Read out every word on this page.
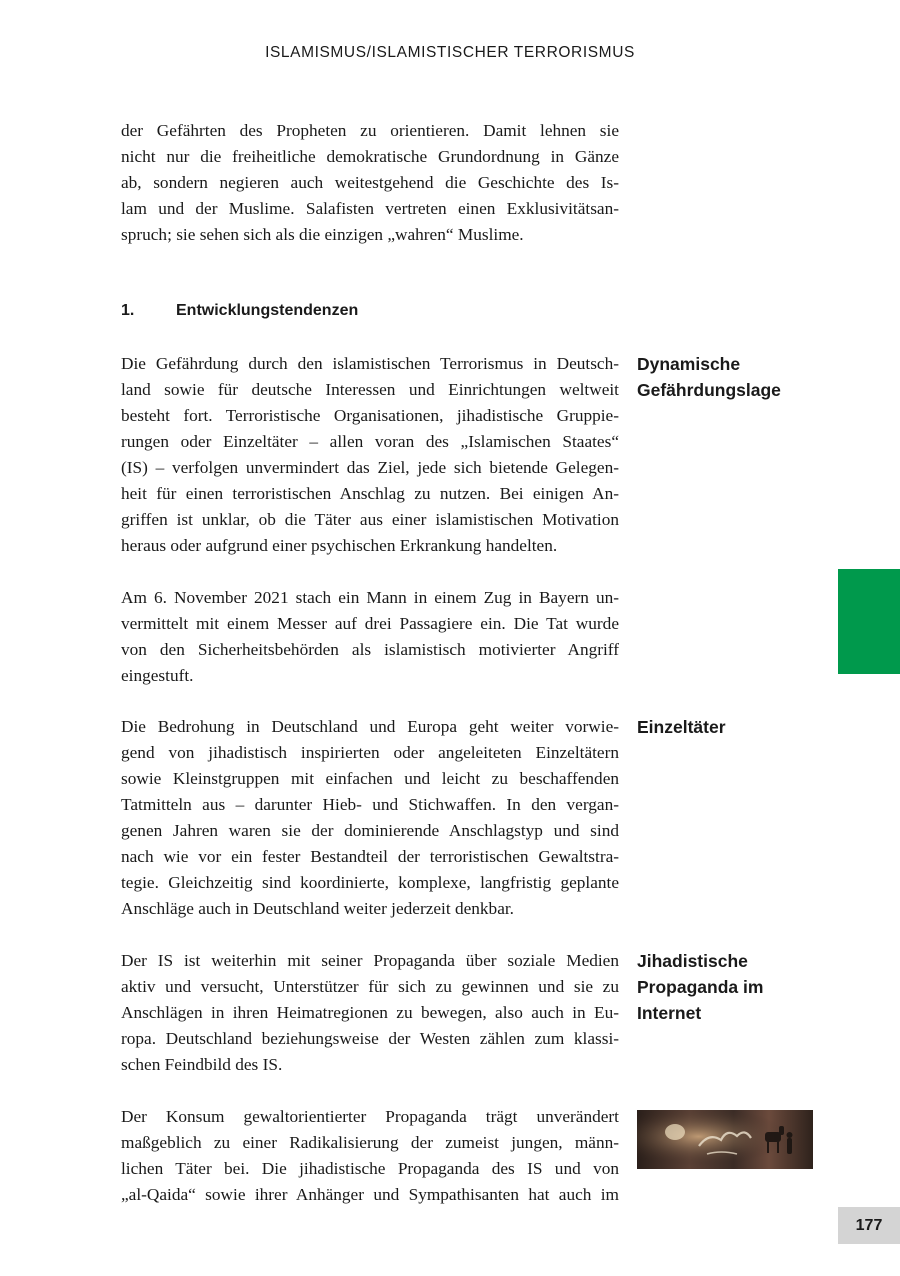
ISLAMISMUS/ISLAMISTISCHER TERRORISMUS

der Gefährten des Propheten zu orientieren. Damit lehnen sie
nicht nur die freiheitliche demokratische Grundordnung in Gänze
ab, sondern negieren auch weitestgehend die Geschichte des Is-
lam und der Muslime. Salafisten vertreten einen Exklusivitätsan-
spruch; sie sehen sich als die einzigen „wahren“ Muslime.

1.	Entwicklungstendenzen

Die Gefährdung durch den islamistischen Terrorismus in Deutsch-
land sowie für deutsche Interessen und Einrichtungen weltweit
besteht fort. Terroristische Organisationen, jihadistische Gruppie-
rungen oder Einzeltäter – allen voran des „Islamischen Staates“
(IS) – verfolgen unvermindert das Ziel, jede sich bietende Gelegen-
heit für einen terroristischen Anschlag zu nutzen. Bei einigen An-
griffen ist unklar, ob die Täter aus einer islamistischen Motivation
heraus oder aufgrund einer psychischen Erkrankung handelten.

Dynamische
Gefährdungslage

Am 6. November 2021 stach ein Mann in einem Zug in Bayern un-
vermittelt mit einem Messer auf drei Passagiere ein. Die Tat wurde
von den Sicherheitsbehörden als islamistisch motivierter Angriff
eingestuft.

Die Bedrohung in Deutschland und Europa geht weiter vorwie-
gend von jihadistisch inspirierten oder angeleiteten Einzeltätern
sowie Kleinstgruppen mit einfachen und leicht zu beschaffenden
Tatmitteln aus – darunter Hieb- und Stichwaffen. In den vergan-
genen Jahren waren sie der dominierende Anschlagstyp und sind
nach wie vor ein fester Bestandteil der terroristischen Gewaltstra-
tegie. Gleichzeitig sind koordinierte, komplexe, langfristig geplante
Anschläge auch in Deutschland weiter jederzeit denkbar.

Einzeltäter

Der IS ist weiterhin mit seiner Propaganda über soziale Medien
aktiv und versucht, Unterstützer für sich zu gewinnen und sie zu
Anschlägen in ihren Heimatregionen zu bewegen, also auch in Eu-
ropa. Deutschland beziehungsweise der Westen zählen zum klassi-
schen Feindbild des IS.

Jihadistische
Propaganda im
Internet

Der Konsum gewaltorientierter Propaganda trägt unverändert
maßgeblich zu einer Radikalisierung der zumeist jungen, männ-
lichen Täter bei. Die jihadistische Propaganda des IS und von
„al-Qaida“ sowie ihrer Anhänger und Sympathisanten hat auch im

177
